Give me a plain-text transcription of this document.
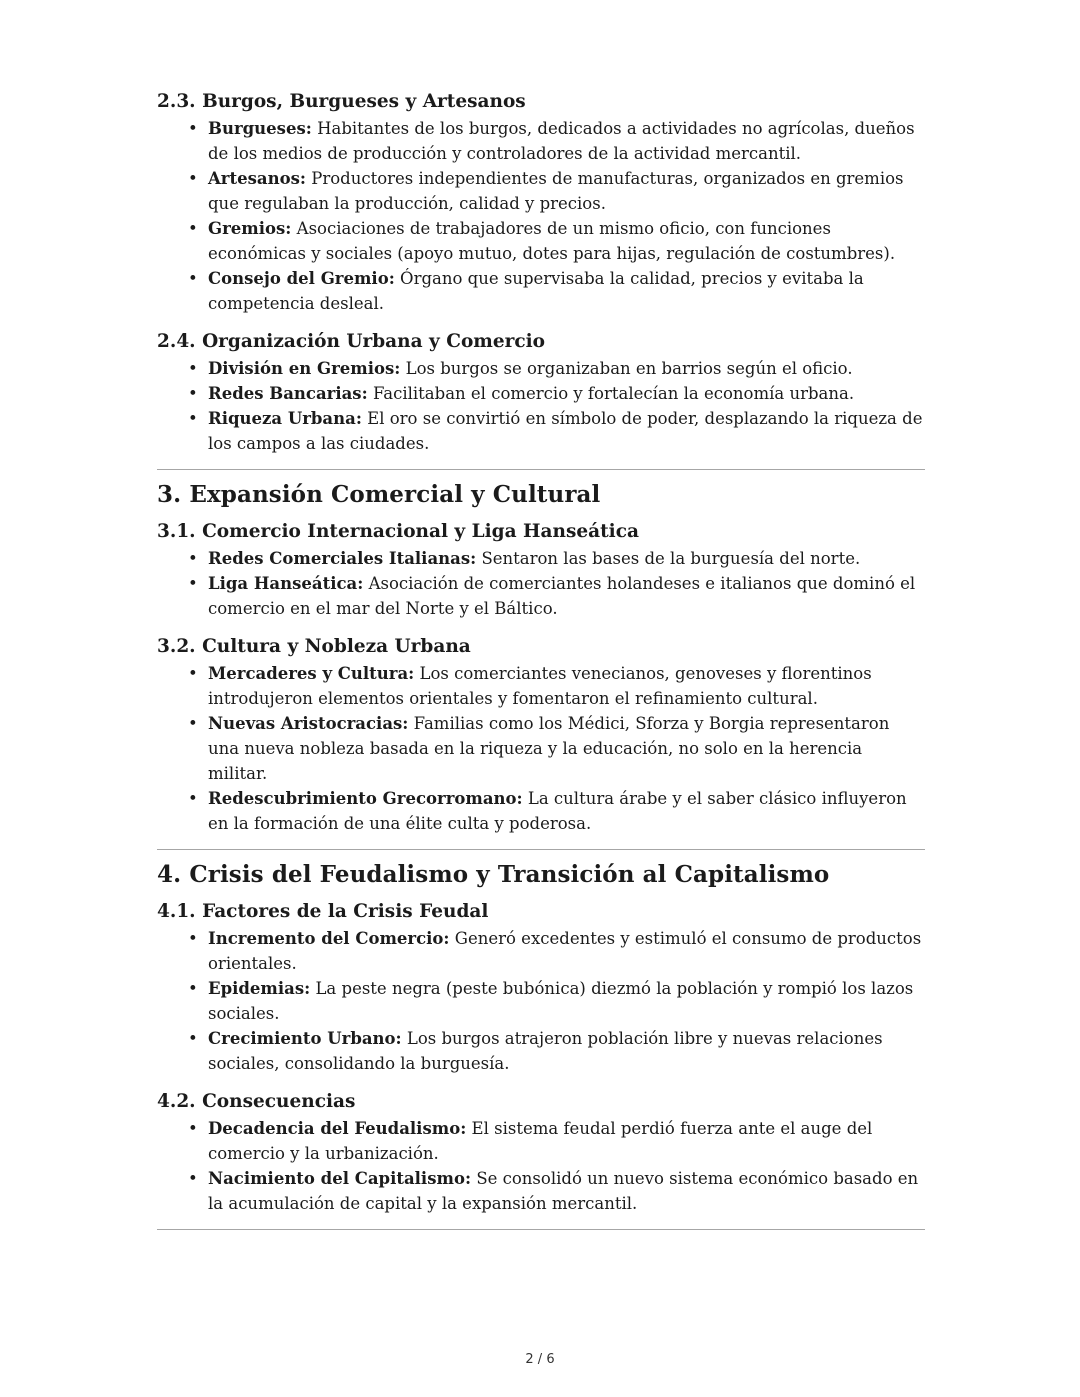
2.3. Burgos, Burgueses y Artesanos
• Burgueses: Habitantes de los burgos, dedicados a actividades no agrícolas, dueños de los medios de producción y controladores de la actividad mercantil.
• Artesanos: Productores independientes de manufacturas, organizados en gremios que regulaban la producción, calidad y precios.
• Gremios: Asociaciones de trabajadores de un mismo oficio, con funciones económicas y sociales (apoyo mutuo, dotes para hijas, regulación de costumbres).
• Consejo del Gremio: Órgano que supervisaba la calidad, precios y evitaba la competencia desleal.
2.4. Organización Urbana y Comercio
• División en Gremios: Los burgos se organizaban en barrios según el oficio.
• Redes Bancarias: Facilitaban el comercio y fortalecían la economía urbana.
• Riqueza Urbana: El oro se convirtió en símbolo de poder, desplazando la riqueza de los campos a las ciudades.
3. Expansión Comercial y Cultural
3.1. Comercio Internacional y Liga Hanseática
• Redes Comerciales Italianas: Sentaron las bases de la burguesía del norte.
• Liga Hanseática: Asociación de comerciantes holandeses e italianos que dominó el comercio en el mar del Norte y el Báltico.
3.2. Cultura y Nobleza Urbana
• Mercaderes y Cultura: Los comerciantes venecianos, genoveses y florentinos introdujeron elementos orientales y fomentaron el refinamiento cultural.
• Nuevas Aristocracias: Familias como los Médici, Sforza y Borgia representaron una nueva nobleza basada en la riqueza y la educación, no solo en la herencia militar.
• Redescubrimiento Grecorromano: La cultura árabe y el saber clásico influyeron en la formación de una élite culta y poderosa.
4. Crisis del Feudalismo y Transición al Capitalismo
4.1. Factores de la Crisis Feudal
• Incremento del Comercio: Generó excedentes y estimuló el consumo de productos orientales.
• Epidemias: La peste negra (peste bubónica) diezmó la población y rompió los lazos sociales.
• Crecimiento Urbano: Los burgos atrajeron población libre y nuevas relaciones sociales, consolidando la burguesía.
4.2. Consecuencias
• Decadencia del Feudalismo: El sistema feudal perdió fuerza ante el auge del comercio y la urbanización.
• Nacimiento del Capitalismo: Se consolidó un nuevo sistema económico basado en la acumulación de capital y la expansión mercantil.
2 / 6
